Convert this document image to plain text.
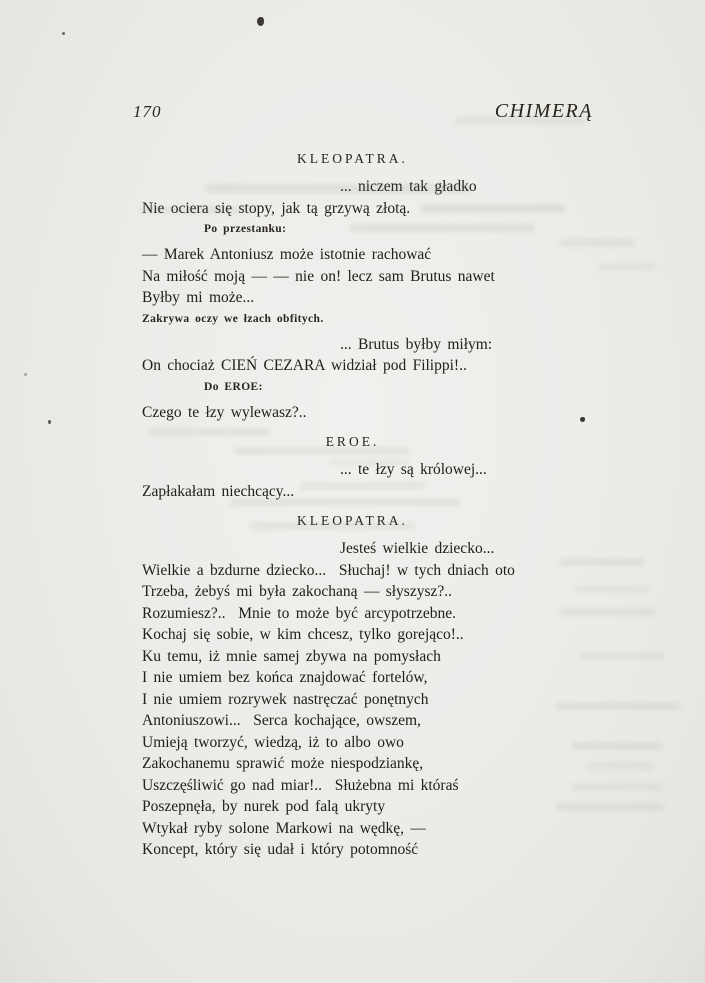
170	CHIMERĄ
KLEOPATRA.
... niczem tak gładko
Nie ociera się stopy, jak tą grzywą złotą.
Po przestanku:
— Marek Antoniusz może istotnie rachować
Na miłość moją — — nie on! lecz sam Brutus nawet
Byłby mi może...
Zakrywa oczy we łzach obfitych.
... Brutus byłby miłym:
On chociaż CIEŃ CEZARA widział pod Filippi!..
Do EROE:
Czego te łzy wylewasz?..
EROE.
... te łzy są królowej...
Zapłakałam niechcący...
KLEOPATRA.
Jesteś wielkie dziecko...
Wielkie a bzdurne dziecko...  Słuchaj! w tych dniach oto
Trzeba, żebyś mi była zakochaną — słyszysz?..
Rozumiesz?..  Mnie to może być arcypotrzebne.
Kochaj się sobie, w kim chcesz, tylko gorejąco!..
Ku temu, iż mnie samej zbywa na pomysłach
I nie umiem bez końca znajdować fortelów,
I nie umiem rozrywek nastręczać ponętnych
Antoniuszowi...  Serca kochające, owszem,
Umieją tworzyć, wiedzą, iż to albo owo
Zakochanemu sprawić może niespodziankę,
Uszczęśliwić go nad miar!..  Służebna mi któraś
Poszepnęła, by nurek pod falą ukryty
Wtykał ryby solone Markowi na wędkę, —
Koncept, który się udał i który potomność
